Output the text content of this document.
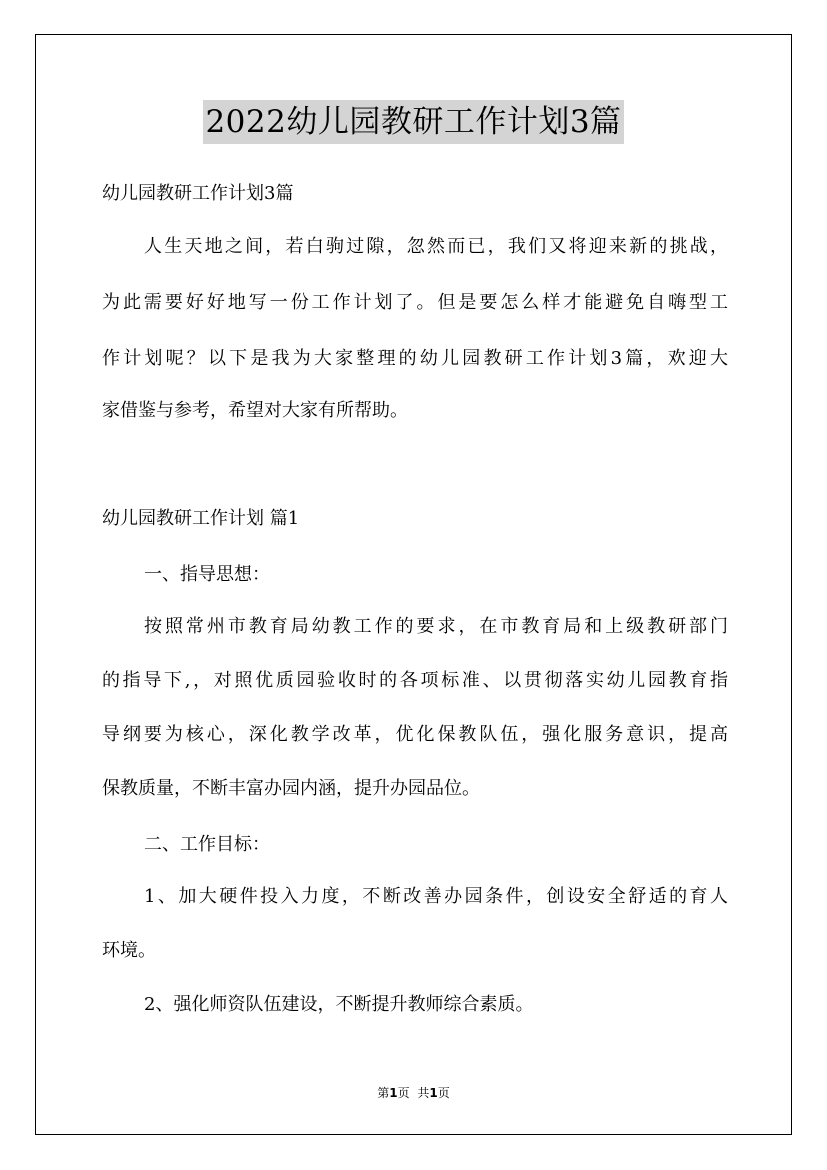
2022幼儿园教研工作计划3篇
幼儿园教研工作计划3篇
人生天地之间，若白驹过隙，忽然而已，我们又将迎来新的挑战，
为此需要好好地写一份工作计划了。但是要怎么样才能避免自嗨型工
作计划呢？以下是我为大家整理的幼儿园教研工作计划3篇，欢迎大
家借鉴与参考，希望对大家有所帮助。
幼儿园教研工作计划 篇1
一、指导思想：
按照常州市教育局幼教工作的要求，在市教育局和上级教研部门
的指导下,，对照优质园验收时的各项标准、以贯彻落实幼儿园教育指
导纲要为核心，深化教学改革，优化保教队伍，强化服务意识，提高
保教质量，不断丰富办园内涵，提升办园品位。
二、工作目标：
1、加大硬件投入力度，不断改善办园条件，创设安全舒适的育人
环境。
2、强化师资队伍建设，不断提升教师综合素质。
第1页 共1页
